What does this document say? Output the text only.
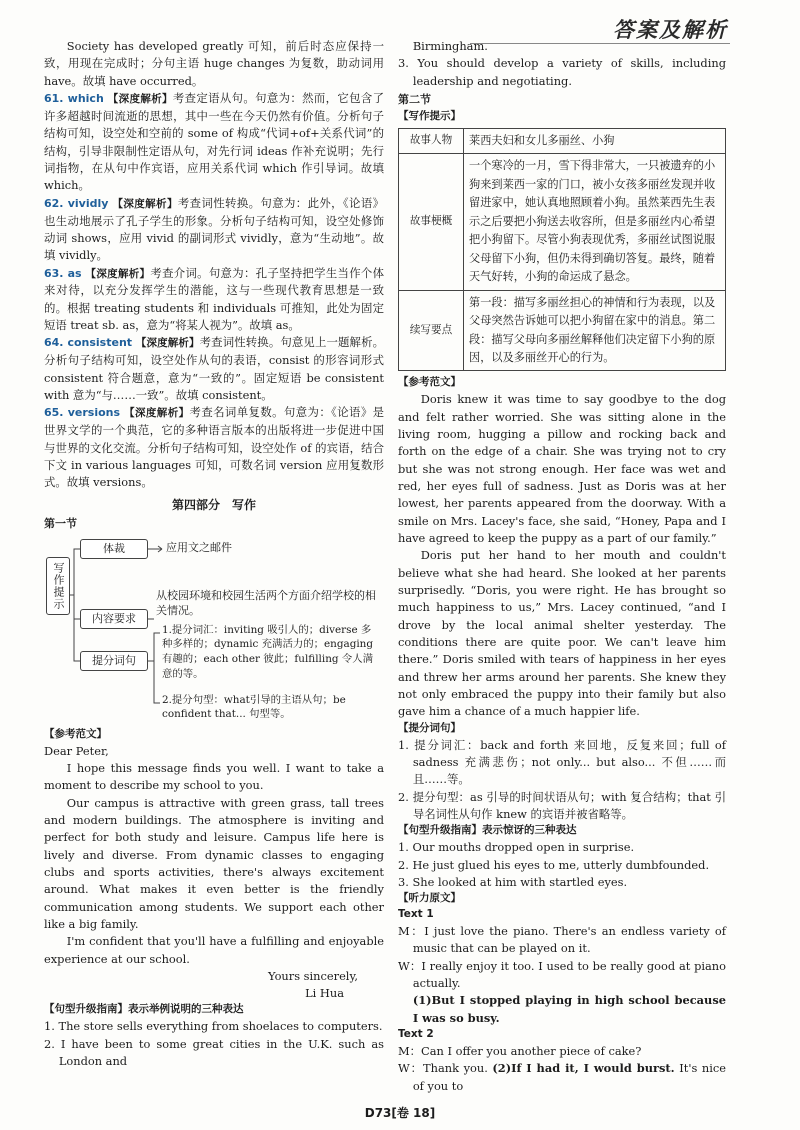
答案及解析

Society has developed greatly 可知，前后时态应保持一致，用现在完成时；分句主语 huge changes 为复数，助动词用 have。故填 have occurred。

61. which 【深度解析】考查定语从句。句意为：然而，它包含了许多超越时间流逝的思想，其中一些在今天仍然有价值。分析句子结构可知，设空处和空前的 some of 构成“代词+of+关系代词”的结构，引导非限制性定语从句，对先行词 ideas 作补充说明；先行词指物，在从句中作宾语，应用关系代词 which 作引导词。故填 which。

62. vividly 【深度解析】考查词性转换。句意为：此外，《论语》也生动地展示了孔子学生的形象。分析句子结构可知，设空处修饰动词 shows，应用 vivid 的副词形式 vividly，意为“生动地”。故填 vividly。

63. as 【深度解析】考查介词。句意为：孔子坚持把学生当作个体来对待，以充分发挥学生的潜能，这与一些现代教育思想是一致的。根据 treating students 和 individuals 可推知，此处为固定短语 treat sb. as，意为“将某人视为”。故填 as。

64. consistent 【深度解析】考查词性转换。句意见上一题解析。分析句子结构可知，设空处作从句的表语，consist 的形容词形式 consistent 符合题意，意为“一致的”。固定短语 be consistent with 意为“与……一致”。故填 consistent。

65. versions 【深度解析】考查名词单复数。句意为：《论语》是世界文学的一个典范，它的多种语言版本的出版将进一步促进中国与世界的文化交流。分析句子结构可知，设空处作 of 的宾语，结合下文 in various languages 可知，可数名词 version 应用复数形式。故填 versions。

第四部分　写作
第一节
写作提示
体裁	应用文之邮件
内容要求
从校园环境和校园生活两个方面介绍学校的相关情况。
提分词句
1.提分词汇：inviting 吸引人的；diverse 多种多样的；dynamic 充满活力的；engaging 有趣的；each other 彼此；fulfilling 令人满意的等。
2.提分句型：what引导的主语从句；be confident that... 句型等。
【参考范文】

Dear Peter,

I hope this message finds you well. I want to take a moment to describe my school to you.

Our campus is attractive with green grass, tall trees and modern buildings. The atmosphere is inviting and perfect for both study and leisure. Campus life here is lively and diverse. From dynamic classes to engaging clubs and sports activities, there's always excitement around. What makes it even better is the friendly communication among students. We support each other like a big family.

I'm confident that you'll have a fulfilling and enjoyable experience at our school.

Yours sincerely,

Li Hua

【句型升级指南】表示举例说明的三种表达

1. The store sells everything from shoelaces to computers.

2. I have been to some great cities in the U.K. such as London and

Birmingham.

3. You should develop a variety of skills, including leadership and negotiating.

第二节
【写作提示】
故事人物	莱西夫妇和女儿多丽丝、小狗
故事梗概	一个寒冷的一月，雪下得非常大，一只被遗弃的小狗来到莱西一家的门口，被小女孩多丽丝发现并收留进家中，她认真地照顾着小狗。虽然莱西先生表示之后要把小狗送去收容所，但是多丽丝内心希望把小狗留下。尽管小狗表现优秀，多丽丝试图说服父母留下小狗，但仍未得到确切答复。最终，随着天气好转，小狗的命运成了悬念。
续写要点	第一段：描写多丽丝担心的神情和行为表现，以及父母突然告诉她可以把小狗留在家中的消息。第二段：描写父母向多丽丝解释他们决定留下小狗的原因，以及多丽丝开心的行为。
【参考范文】

Doris knew it was time to say goodbye to the dog and felt rather worried. She was sitting alone in the living room, hugging a pillow and rocking back and forth on the edge of a chair. She was trying not to cry but she was not strong enough. Her face was wet and red, her eyes full of sadness. Just as Doris was at her lowest, her parents appeared from the doorway. With a smile on Mrs. Lacey's face, she said, “Honey, Papa and I have agreed to keep the puppy as a part of our family.”

Doris put her hand to her mouth and couldn't believe what she had heard. She looked at her parents surprisedly. “Doris, you were right. He has brought so much happiness to us,” Mrs. Lacey continued, “and I drove by the local animal shelter yesterday. The conditions there are quite poor. We can't leave him there.” Doris smiled with tears of happiness in her eyes and threw her arms around her parents. She knew they not only embraced the puppy into their family but also gave him a chance of a much happier life.

【提分词句】

1. 提分词汇：back and forth 来回地，反复来回；full of sadness 充满悲伤；not only... but also... 不但……而且……等。

2. 提分句型：as 引导的时间状语从句；with 复合结构；that 引导名词性从句作 knew 的宾语并被省略等。

【句型升级指南】表示惊讶的三种表达

1. Our mouths dropped open in surprise.

2. He just glued his eyes to me, utterly dumbfounded.

3. She looked at him with startled eyes.

【听力原文】
Text 1

M：I just love the piano. There's an endless variety of music that can be played on it.

W：I really enjoy it too. I used to be really good at piano actually.

(1)But I stopped playing in high school because I was so busy.

Text 2

M：Can I offer you another piece of cake?

W：Thank you. (2)If I had it, I would burst. It's nice of you to

D73[卷 18]
